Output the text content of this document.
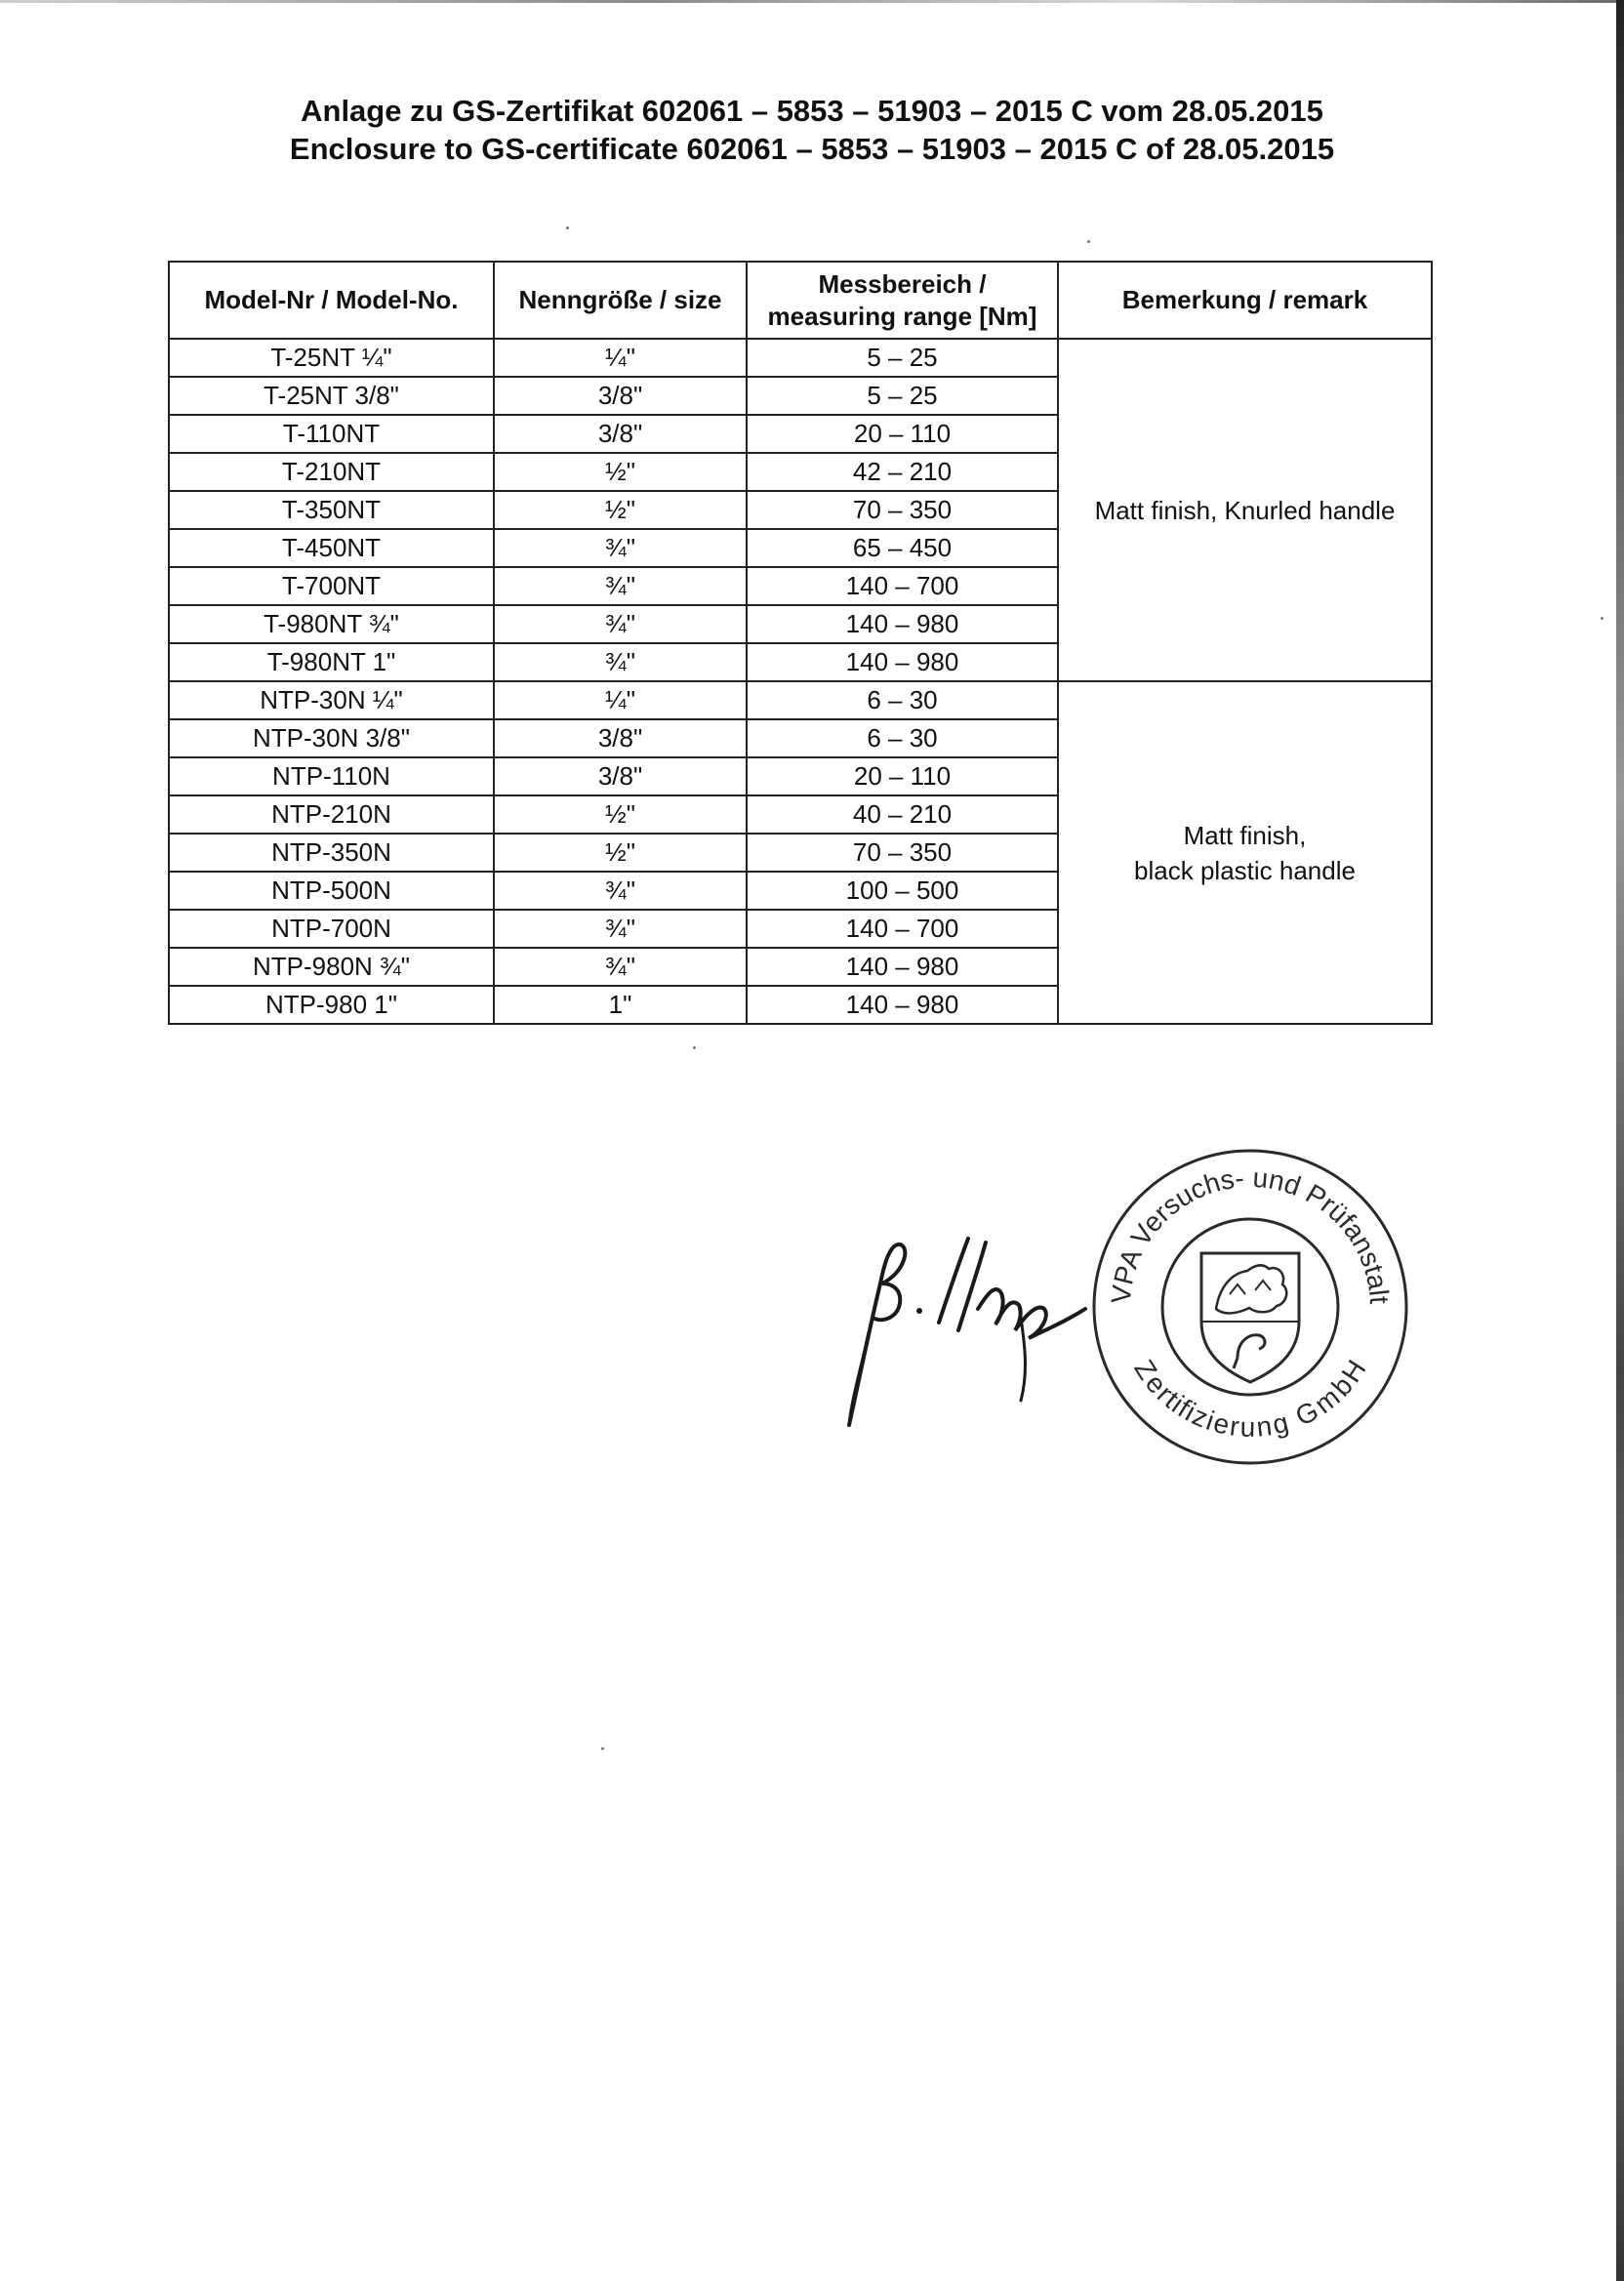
Anlage zu GS-Zertifikat 602061 – 5853 – 51903 – 2015 C vom 28.05.2015
Enclosure to GS-certificate 602061 – 5853 – 51903 – 2015 C of 28.05.2015
Model-Nr / Model-No.	Nenngröße / size	Messbereich /
measuring range [Nm]	Bemerkung / remark
T-25NT ¼"	¼"	5 – 25	Matt finish, Knurled handle
T-25NT 3/8"	3/8"	5 – 25	
T-110NT	3/8"	20 – 110	
T-210NT	½"	42 – 210	
T-350NT	½"	70 – 350	
T-450NT	¾"	65 – 450	
T-700NT	¾"	140 – 700	
T-980NT ¾"	¾"	140 – 980	
T-980NT 1"	¾"	140 – 980	
NTP-30N ¼"	¼"	6 – 30	Matt finish,
black plastic handle
NTP-30N 3/8"	3/8"	6 – 30	
NTP-110N	3/8"	20 – 110	
NTP-210N	½"	40 – 210	
NTP-350N	½"	70 – 350	
NTP-500N	¾"	100 – 500	
NTP-700N	¾"	140 – 700	
NTP-980N ¾"	¾"	140 – 980	
NTP-980 1"	1"	140 – 980	
VPA Versuchs- und Prüfanstalt
Zertifizierung GmbH
